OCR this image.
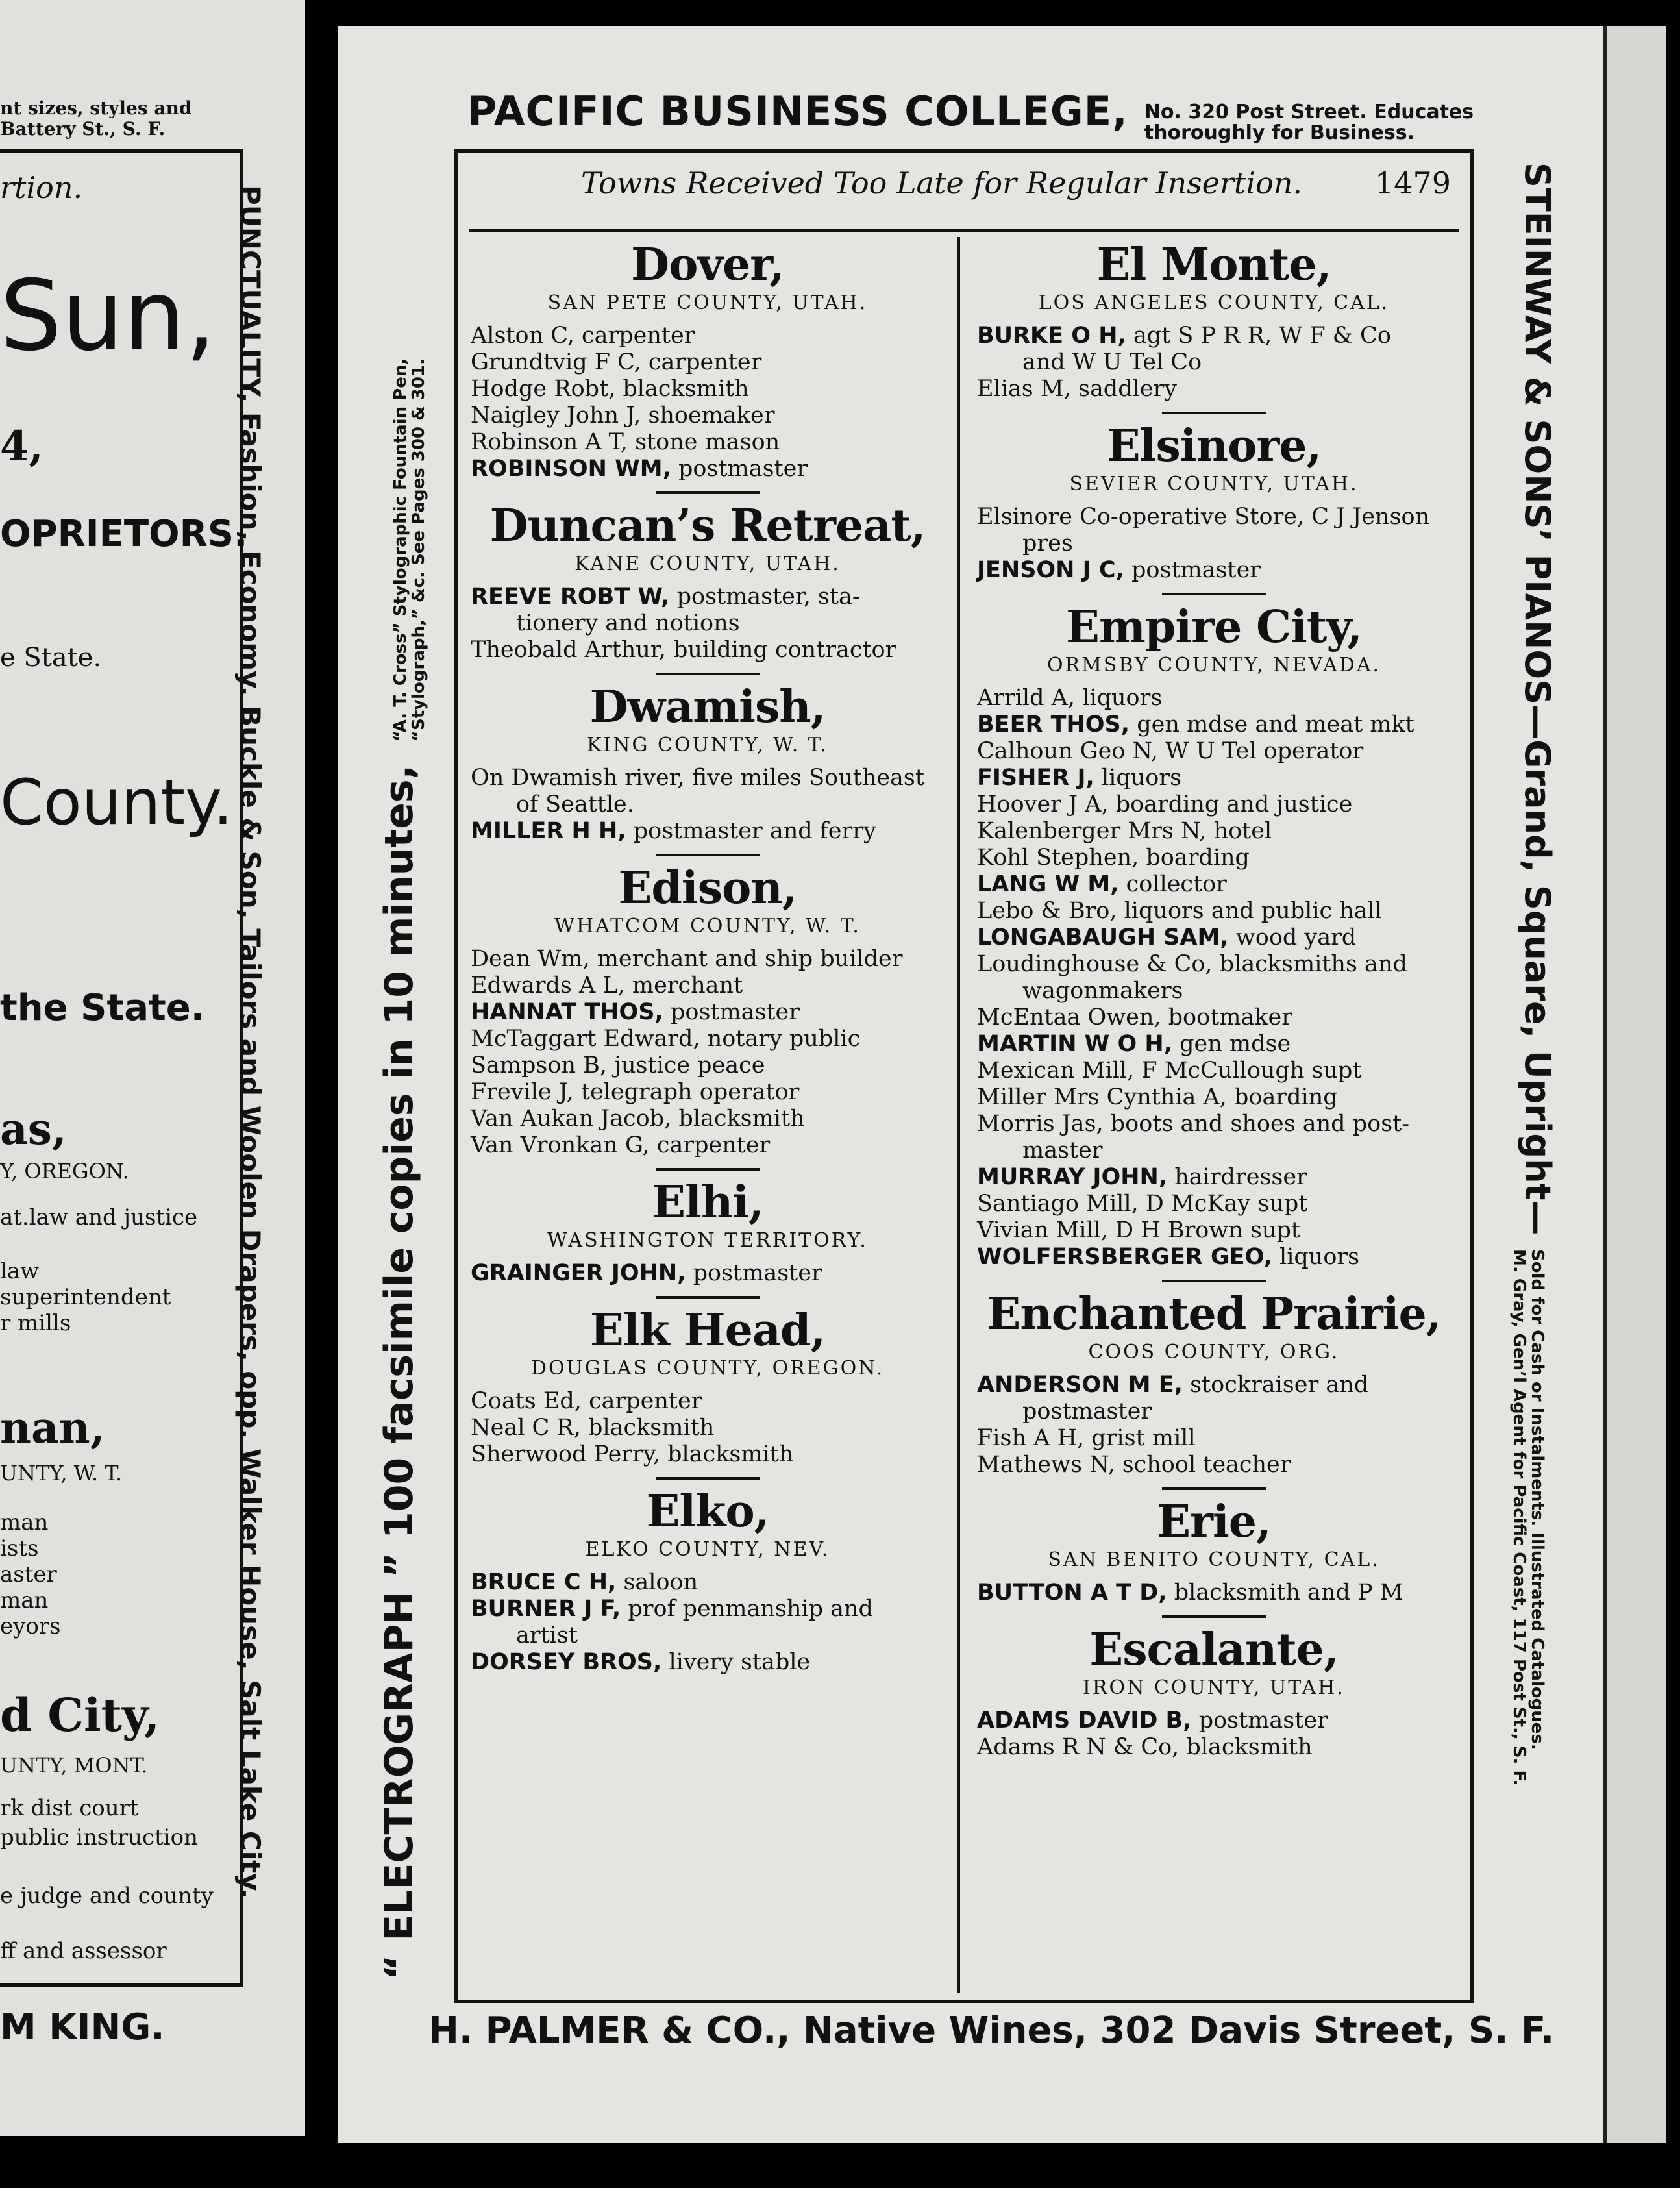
nt sizes, styles and
Battery St., S. F.
rtion.
Sun,
4,
OPRIETORS.
e State.
County.
the State.
as,
Y, OREGON.
at.law and justice
law
superintendent
r mills
nan,
UNTY, W. T.
man
ists
aster
man
eyors
d City,
UNTY, MONT.
rk dist court
public instruction
e judge and county
ff and assessor
M KING.
PUNCTUALITY, Fashion, Economy. Buckle & Son, Tailors and Woolen Drapers, opp. Walker House, Salt Lake City.
PACIFIC BUSINESS COLLEGE, No. 320 Post Street. Educates
thoroughly for Business.
Towns Received Too Late for Regular Insertion. 1479
Dover,
SAN PETE COUNTY, UTAH.
Alston C, carpenter
Grundtvig F C, carpenter
Hodge Robt, blacksmith
Naigley John J, shoemaker
Robinson A T, stone mason
ROBINSON WM, postmaster
Duncan’s Retreat,
KANE COUNTY, UTAH.
REEVE ROBT W, postmaster, sta-
tionery and notions
Theobald Arthur, building contractor
Dwamish,
KING COUNTY, W. T.
On Dwamish river, five miles Southeast
of Seattle.
MILLER H H, postmaster and ferry
Edison,
WHATCOM COUNTY, W. T.
Dean Wm, merchant and ship builder
Edwards A L, merchant
HANNAT THOS, postmaster
McTaggart Edward, notary public
Sampson B, justice peace
Frevile J, telegraph operator
Van Aukan Jacob, blacksmith
Van Vronkan G, carpenter
Elhi,
WASHINGTON TERRITORY.
GRAINGER JOHN, postmaster
Elk Head,
DOUGLAS COUNTY, OREGON.
Coats Ed, carpenter
Neal C R, blacksmith
Sherwood Perry, blacksmith
Elko,
ELKO COUNTY, NEV.
BRUCE C H, saloon
BURNER J F, prof penmanship and
artist
DORSEY BROS, livery stable
El Monte,
LOS ANGELES COUNTY, CAL.
BURKE O H, agt S P R R, W F & Co
and W U Tel Co
Elias M, saddlery
Elsinore,
SEVIER COUNTY, UTAH.
Elsinore Co-operative Store, C J Jenson
pres
JENSON J C, postmaster
Empire City,
ORMSBY COUNTY, NEVADA.
Arrild A, liquors
BEER THOS, gen mdse and meat mkt
Calhoun Geo N, W U Tel operator
FISHER J, liquors
Hoover J A, boarding and justice
Kalenberger Mrs N, hotel
Kohl Stephen, boarding
LANG W M, collector
Lebo & Bro, liquors and public hall
LONGABAUGH SAM, wood yard
Loudinghouse & Co, blacksmiths and
wagonmakers
McEntaa Owen, bootmaker
MARTIN W O H, gen mdse
Mexican Mill, F McCullough supt
Miller Mrs Cynthia A, boarding
Morris Jas, boots and shoes and post-
master
MURRAY JOHN, hairdresser
Santiago Mill, D McKay supt
Vivian Mill, D H Brown supt
WOLFERSBERGER GEO, liquors
Enchanted Prairie,
COOS COUNTY, ORG.
ANDERSON M E, stockraiser and
postmaster
Fish A H, grist mill
Mathews N, school teacher
Erie,
SAN BENITO COUNTY, CAL.
BUTTON A T D, blacksmith and P M
Escalante,
IRON COUNTY, UTAH.
ADAMS DAVID B, postmaster
Adams R N & Co, blacksmith
“ ELECTROGRAPH ” 100 facsimile copies in 10 minutes, “A. T. Cross” Stylographic Fountain Pen,
“Stylograph,” &c. See Pages 300 & 301.	STEINWAY & SONS’ PIANOS—Grand, Square, Upright— Sold for Cash or Instalments. Illustrated Catalogues.
M. Gray, Gen’l Agent for Pacific Coast, 117 Post St., S. F.
H. PALMER & CO., Native Wines, 302 Davis Street, S. F.
